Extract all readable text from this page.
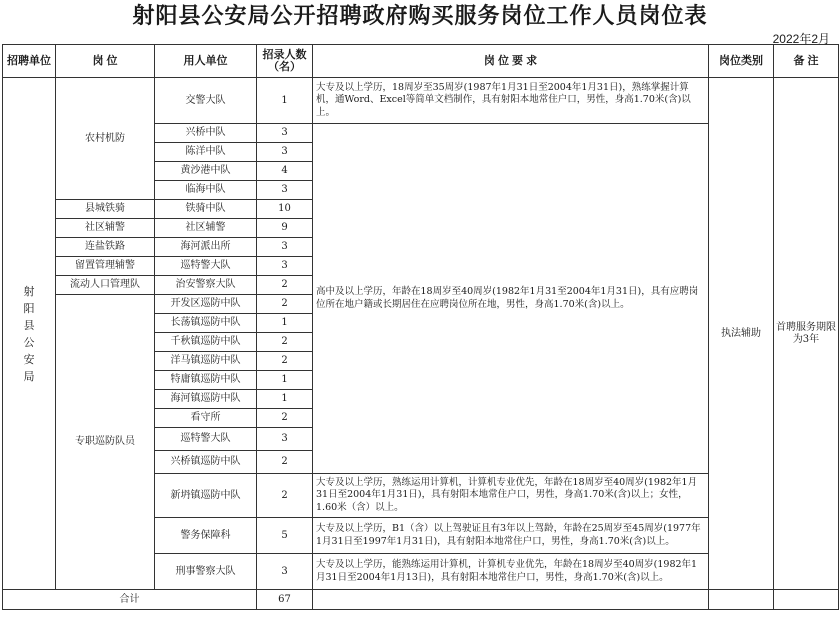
射阳县公安局公开招聘政府购买服务岗位工作人员岗位表
2022年2月
招聘单位	岗 位	用人单位	招录人数（名）	岗 位 要 求	岗位类别	备 注
射阳县公安局	农村机防	交警大队	1	大专及以上学历，18周岁至35周岁(1987年1月31日至2004年1月31日)，熟练掌握计算机，通Word、Excel等简单文档制作，具有射阳本地常住户口，男性，身高1.70米(含)以上。	执法辅助	首聘服务期限为3年
		兴桥中队	3	高中及以上学历，年龄在18周岁至40周岁(1982年1月31至2004年1月31日)，具有应聘岗位所在地户籍或长期居住在应聘岗位所在地，男性，身高1.70米(含)以上。		
		陈洋中队	3			
		黄沙港中队	4			
		临海中队	3			
	县城铁骑	铁骑中队	10			
	社区辅警	社区辅警	9			
	连盐铁路	海河派出所	3			
	留置管理辅警	巡特警大队	3			
	流动人口管理队	治安警察大队	2			
	专职巡防队员	开发区巡防中队	2			
		长荡镇巡防中队	1			
		千秋镇巡防中队	2			
		洋马镇巡防中队	2			
		特庸镇巡防中队	1			
		海河镇巡防中队	1			
		看守所	2			
		巡特警大队	3			
		兴桥镇巡防中队	2			
		新坍镇巡防中队	2	大专及以上学历，熟练运用计算机，计算机专业优先，年龄在18周岁至40周岁(1982年1月31日至2004年1月31日)，具有射阳本地常住户口，男性，身高1.70米(含)以上；女性，1.60米（含）以上。		
		警务保障科	5	大专及以上学历，B1（含）以上驾驶证且有3年以上驾龄，年龄在25周岁至45周岁(1977年1月31日至1997年1月31日)，具有射阳本地常住户口，男性，身高1.70米(含)以上。		
		刑事警察大队	3	大专及以上学历，能熟练运用计算机，计算机专业优先，年龄在18周岁至40周岁(1982年1月31日至2004年1月13日)，具有射阳本地常住户口，男性，身高1.70米(含)以上。		
合计			67			
